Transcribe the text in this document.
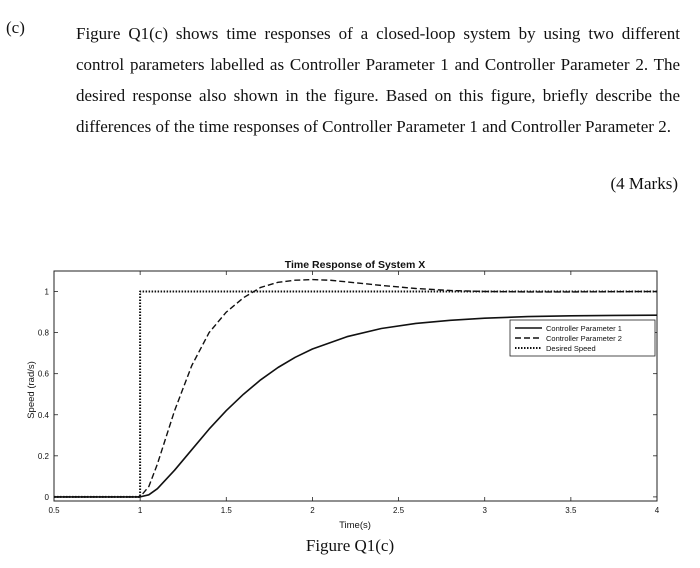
(c)	Figure Q1(c) shows time responses of a closed-loop system by using two different control parameters labelled as Controller Parameter 1 and Controller Parameter 2. The desired response also shown in the figure. Based on this figure, briefly describe the differences of the time responses of Controller Parameter 1 and Controller Parameter 2.
(4 Marks)
Time Response of System X
0.5	1	1.5	2	2.5	3	3.5	4
0
0.2
0.4
0.6
0.8
1
Time(s)
Speed (rad/s)
Controller Parameter 1
Controller Parameter 2
Desired Speed
Figure Q1(c)
